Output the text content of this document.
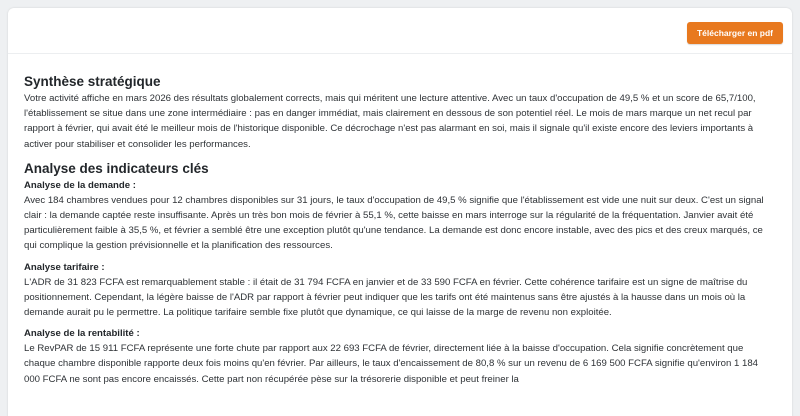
Télécharger en pdf
Synthèse stratégique

Votre activité affiche en mars 2026 des résultats globalement corrects, mais qui méritent une lecture attentive. Avec un taux d'occupation de 49,5 % et un score de 65,7/100, l'établissement se situe dans une zone intermédiaire : pas en danger immédiat, mais clairement en dessous de son potentiel réel. Le mois de mars marque un net recul par rapport à février, qui avait été le meilleur mois de l'historique disponible. Ce décrochage n'est pas alarmant en soi, mais il signale qu'il existe encore des leviers importants à activer pour stabiliser et consolider les performances.

Analyse des indicateurs clés
Analyse de la demande :

Avec 184 chambres vendues pour 12 chambres disponibles sur 31 jours, le taux d'occupation de 49,5 % signifie que l'établissement est vide une nuit sur deux. C'est un signal clair : la demande captée reste insuffisante. Après un très bon mois de février à 55,1 %, cette baisse en mars interroge sur la régularité de la fréquentation. Janvier avait été particulièrement faible à 35,5 %, et février a semblé être une exception plutôt qu'une tendance. La demande est donc encore instable, avec des pics et des creux marqués, ce qui complique la gestion prévisionnelle et la planification des ressources.

Analyse tarifaire :

L'ADR de 31 823 FCFA est remarquablement stable : il était de 31 794 FCFA en janvier et de 33 590 FCFA en février. Cette cohérence tarifaire est un signe de maîtrise du positionnement. Cependant, la légère baisse de l'ADR par rapport à février peut indiquer que les tarifs ont été maintenus sans être ajustés à la hausse dans un mois où la demande aurait pu le permettre. La politique tarifaire semble fixe plutôt que dynamique, ce qui laisse de la marge de revenu non exploitée.

Analyse de la rentabilité :

Le RevPAR de 15 911 FCFA représente une forte chute par rapport aux 22 693 FCFA de février, directement liée à la baisse d'occupation. Cela signifie concrètement que chaque chambre disponible rapporte deux fois moins qu'en février. Par ailleurs, le taux d'encaissement de 80,8 % sur un revenu de 6 169 500 FCFA signifie qu'environ 1 184 000 FCFA ne sont pas encore encaissés. Cette part non récupérée pèse sur la trésorerie disponible et peut freiner la
